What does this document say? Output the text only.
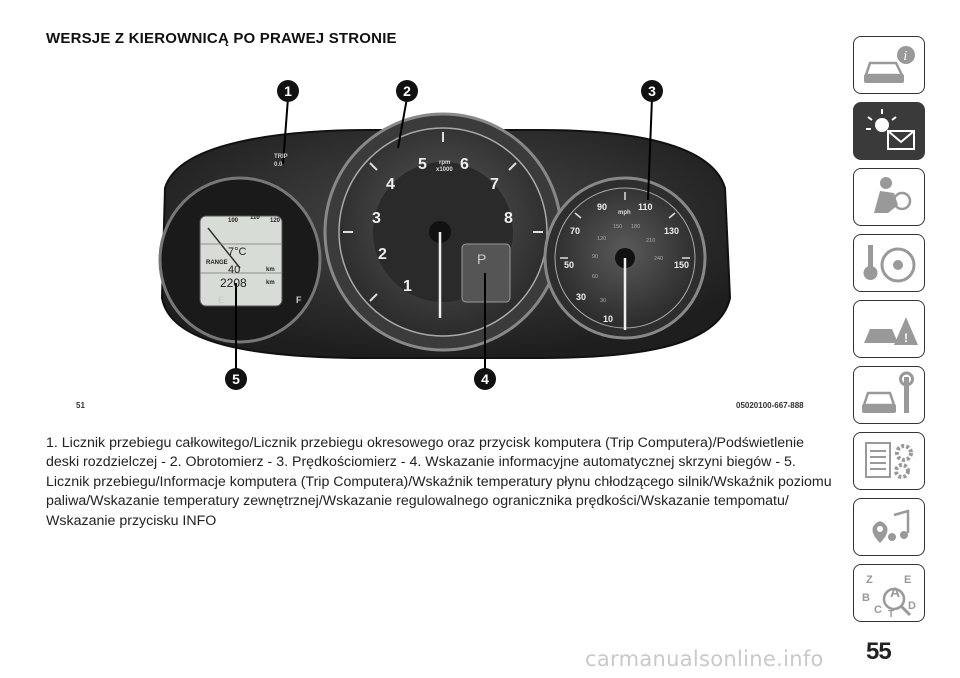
WERSJE Z KIEROWNICĄ PO PRAWEJ STRONIE
100 110 120
7°C
RANGE
40	km
2208	km
E	F
TRIP
0.0
1
2
3
4
5 6
7
8
rpm
x1000
P
10
30
50
70
90	110
130
150
mph
30
60
90
120
150 180
210
240
1	2	3
4
5
51	05020100-667-888
1. Licznik przebiegu całkowitego/Licznik przebiegu okresowego oraz przycisk komputera (Trip Computera)/Podświetlenie deski rozdzielczej - 2. Obrotomierz - 3. Prędkościomierz - 4. Wskazanie informacyjne automatycznej skrzyni biegów - 5. Licznik przebiegu/Informacje komputera (Trip Computera)/Wskaźnik temperatury płynu chłodzącego silnik/Wskaźnik poziomu paliwa/Wskazanie temperatury zewnętrznej/Wskazanie regulowalnego ogranicznika prędkości/Wskazanie tempomatu/ Wskazanie przycisku INFO
i
!
Z	E
B A
C D
T
carmanualsonline.info 55
